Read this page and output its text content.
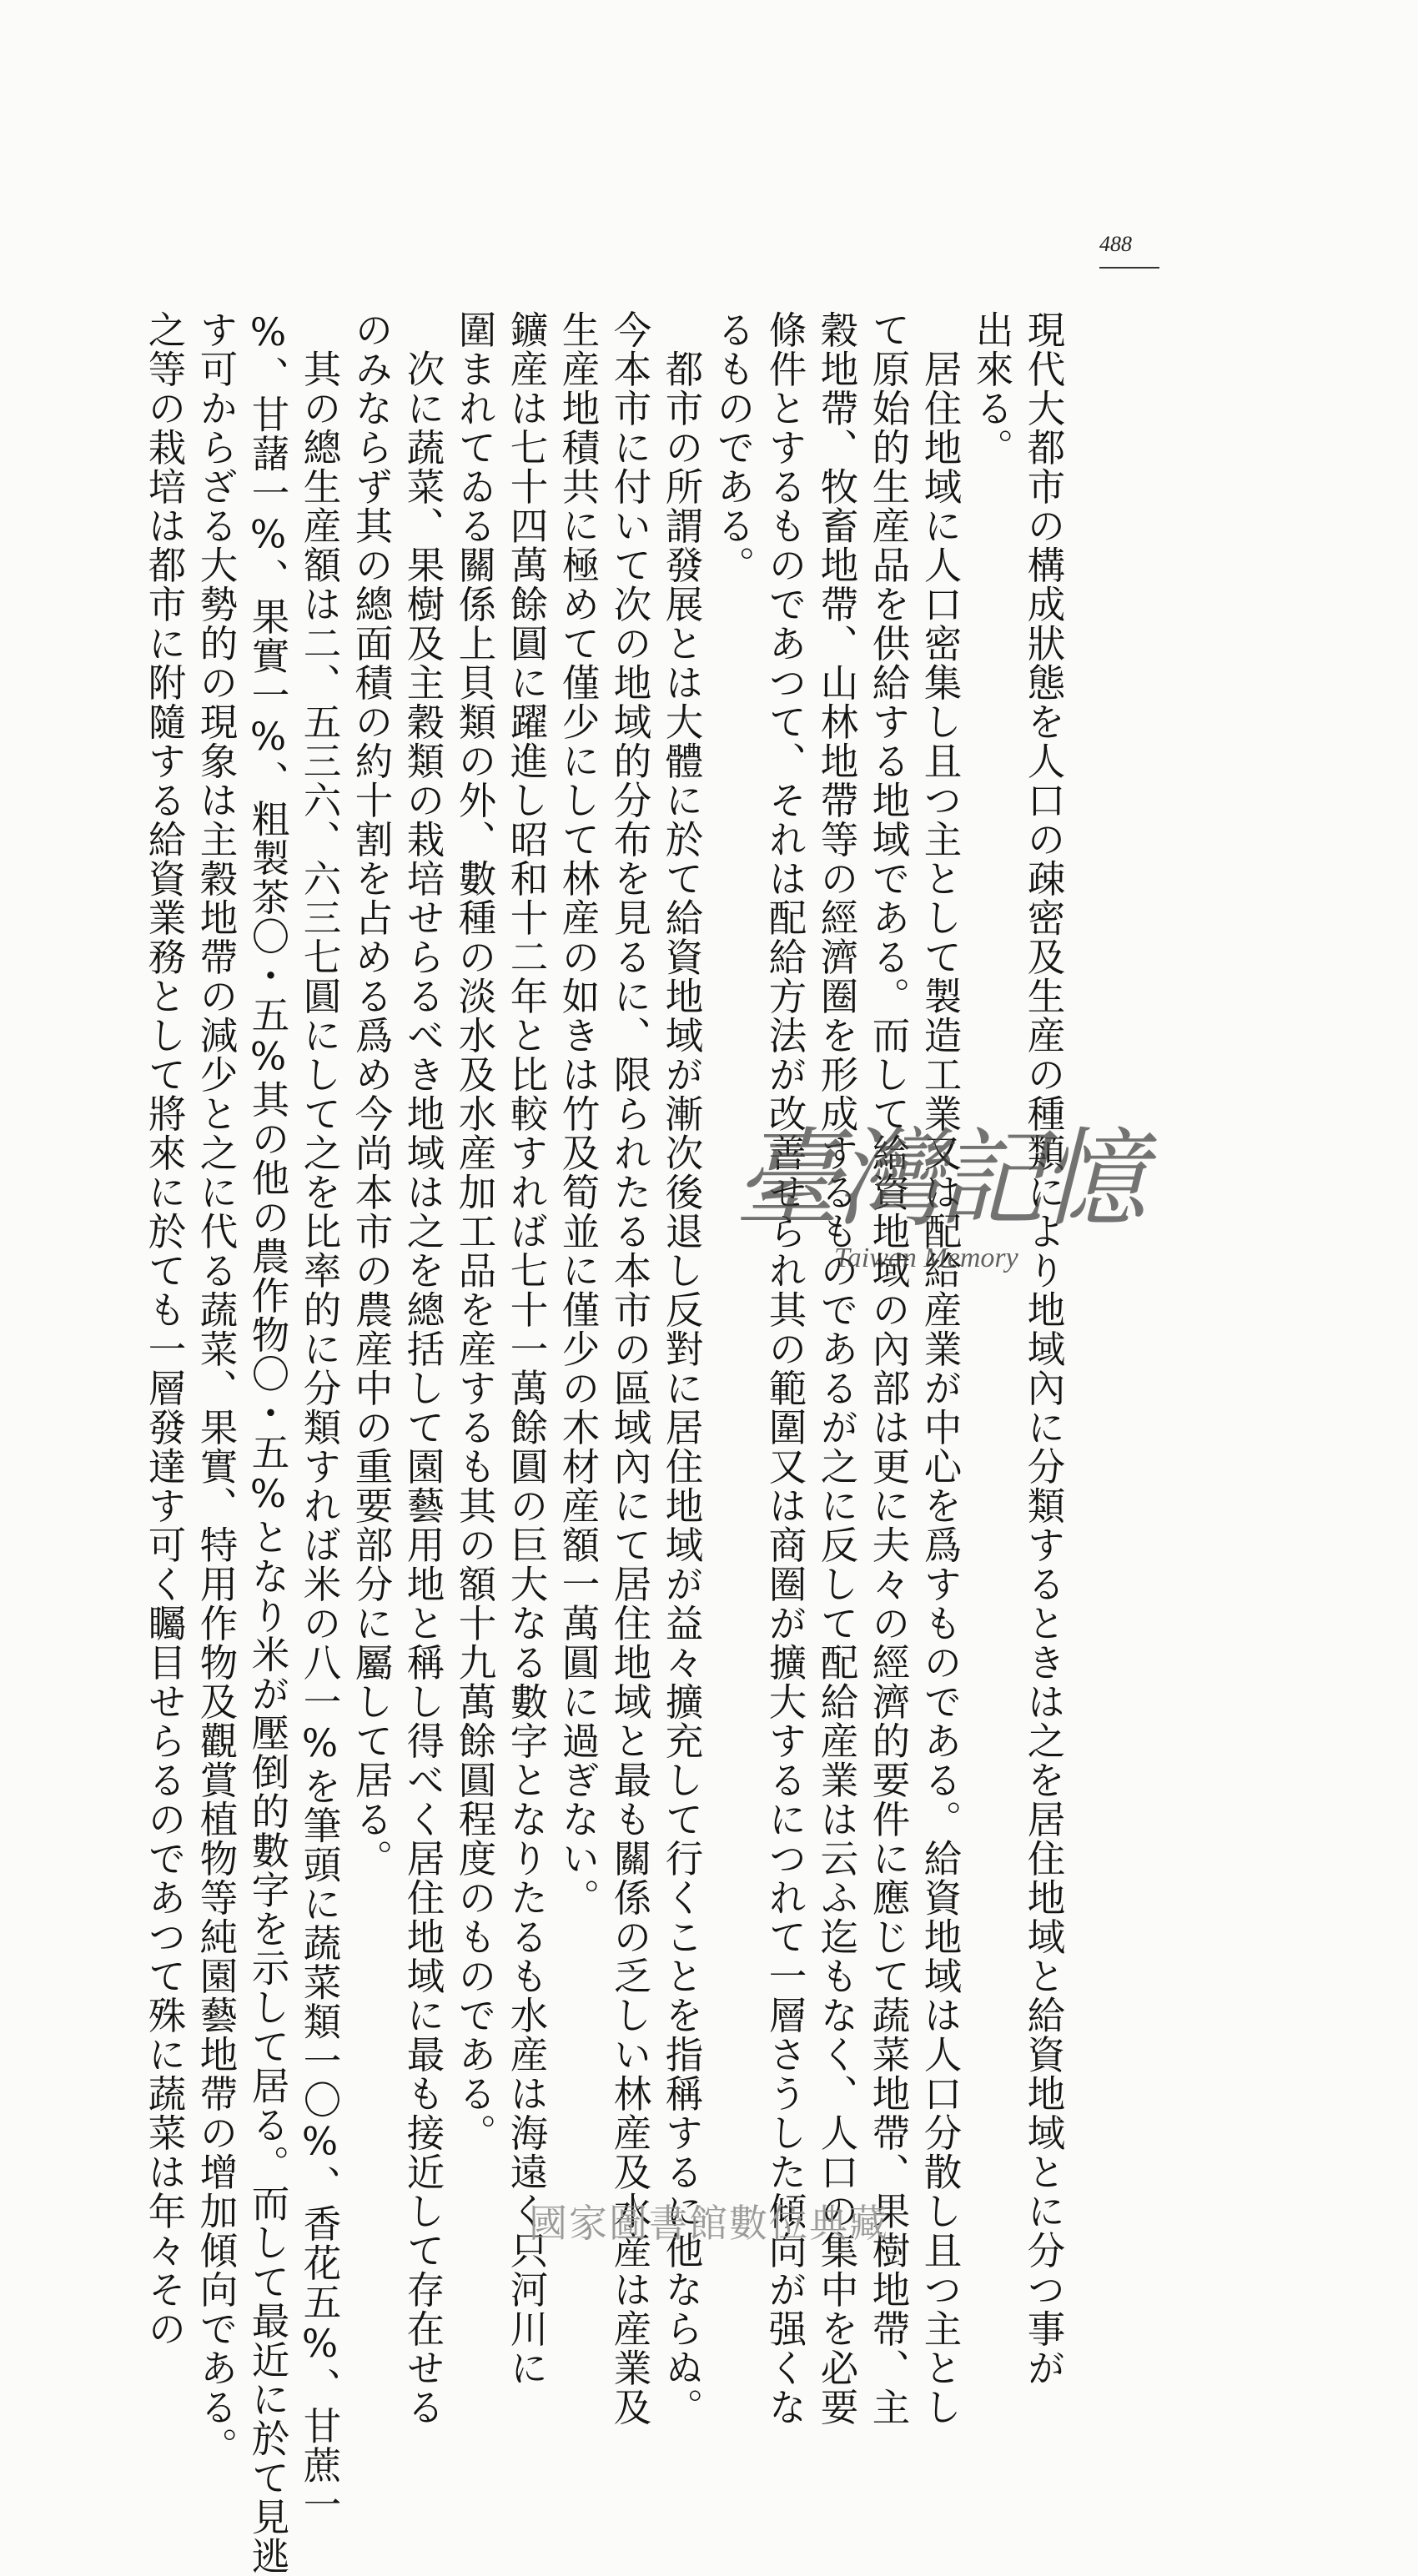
488
現代大都市の構成狀態を人口の疎密及生産の種類により地域內に分類するときは之を居住地域と給資地域とに分つ事が
出來る。
　居住地域に人口密集し且つ主として製造工業又は配給産業が中心を爲すものである。給資地域は人口分散し且つ主とし
て原始的生産品を供給する地域である。而して給資地域の內部は更に夫々の經濟的要件に應じて蔬菜地帶、果樹地帶、主
穀地帶、牧畜地帶、山林地帶等の經濟圈を形成するものであるが之に反して配給産業は云ふ迄もなく、人口の集中を必要
條件とするものであつて、それは配給方法が改善せられ其の範圍又は商圈が擴大するにつれて一層さうした傾向が强くな
るものである。
　都市の所謂發展とは大體に於て給資地域が漸次後退し反對に居住地域が益々擴充して行くことを指稱するに他ならぬ。
今本市に付いて次の地域的分布を見るに、限られたる本市の區域內にて居住地域と最も關係の乏しい林産及水産は産業及
生産地積共に極めて僅少にして林産の如きは竹及筍並に僅少の木材産額一萬圓に過ぎない。
鑛産は七十四萬餘圓に躍進し昭和十二年と比較すれば七十一萬餘圓の巨大なる數字となりたるも水産は海遠く只河川に
圍まれてゐる關係上貝類の外、數種の淡水及水産加工品を産するも其の額十九萬餘圓程度のものである。
　次に蔬菜、果樹及主穀類の栽培せらるべき地域は之を總括して園藝用地と稱し得べく居住地域に最も接近して存在せる
のみならず其の總面積の約十割を占める爲め今尚本市の農産中の重要部分に屬して居る。
　其の總生産額は二、五三六、六三七圓にして之を比率的に分類すれば米の八一%を筆頭に蔬菜類一〇%、香花五%、甘蔗一
%、甘藷一%、果實一%、粗製茶〇・五%其の他の農作物〇・五%となり米が壓倒的數字を示して居る。而して最近に於て見逃
す可からざる大勢的の現象は主穀地帶の減少と之に代る蔬菜、果實、特用作物及觀賞植物等純園藝地帶の增加傾向である。
之等の栽培は都市に附隨する給資業務として將來に於ても一層發達す可く矚目せらるのであつて殊に蔬菜は年々その	臺灣記憶
Taiwan Memory
國家圖書館數位典藏
